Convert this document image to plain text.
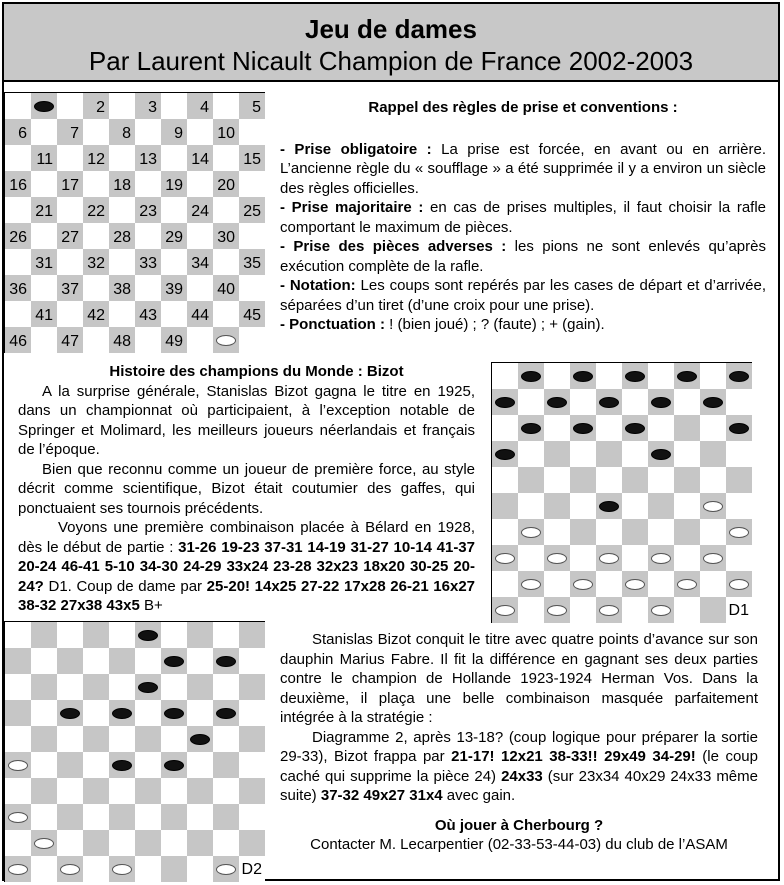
Jeu de dames
Par Laurent Nicault Champion de France 2002-2003
2	3	4	5
6	7	8	9 10
11 12 13 14 15
16 17 18 19 20
21 22 23 24 25
26 27 28 29 30
31 32 33 34 35
36 37 38 39 40
41 42 43 44 45
46 47 48 49

Rappel des règles de prise et conventions :

- Prise obligatoire : La prise est forcée, en avant ou en arrière. L’ancienne règle du « soufflage » a été supprimée il y a environ un siècle des règles officielles.

- Prise majoritaire : en cas de prises multiples, il faut choisir la rafle comportant le maximum de pièces.

- Prise des pièces adverses : les pions ne sont enlevés qu’après exécution complète de la rafle.

- Notation: Les coups sont repérés par les cases de départ et d’arrivée, séparées d’un tiret (d’une croix pour une prise).

- Ponctuation : ! (bien joué) ; ? (faute) ; + (gain).

Histoire des champions du Monde : Bizot

A la surprise générale, Stanislas Bizot gagna le titre en 1925, dans un championnat où participaient, à l’exception notable de Springer et Molimard, les meilleurs joueurs néerlandais et français de l’époque.

Bien que reconnu comme un joueur de première force, au style décrit comme scientifique, Bizot était coutumier des gaffes, qui ponctuaient ses tournois précédents.

Voyons une première combinaison placée à Bélard en 1928, dès le début de partie : 31-26 19-23 37-31 14-19 31-27 10-14 41-37 20-24 46-41 5-10 34-30 24-29 33x24 23-28 32x23 18x20 30-25 20-24? D1. Coup de dame par 25-20! 14x25 27-22 17x28 26-21 16x27 38-32 27x38 43x5 B+	D1
D2

Stanislas Bizot conquit le titre avec quatre points d’avance sur son dauphin Marius Fabre. Il fit la différence en gagnant ses deux parties contre le champion de Hollande 1923-1924 Herman Vos. Dans la deuxième, il plaça une belle combinaison masquée parfaitement intégrée à la stratégie :

Diagramme 2, après 13-18? (coup logique pour préparer la sortie 29-33), Bizot frappa par 21-17! 12x21 38-33!! 29x49 34-29! (le coup caché qui supprime la pièce 24) 24x33 (sur 23x34 40x29 24x33 même suite) 37-32 49x27 31x4 avec gain.

Où jouer à Cherbourg ?

Contacter M. Lecarpentier (02-33-53-44-03) du club de l’ASAM
